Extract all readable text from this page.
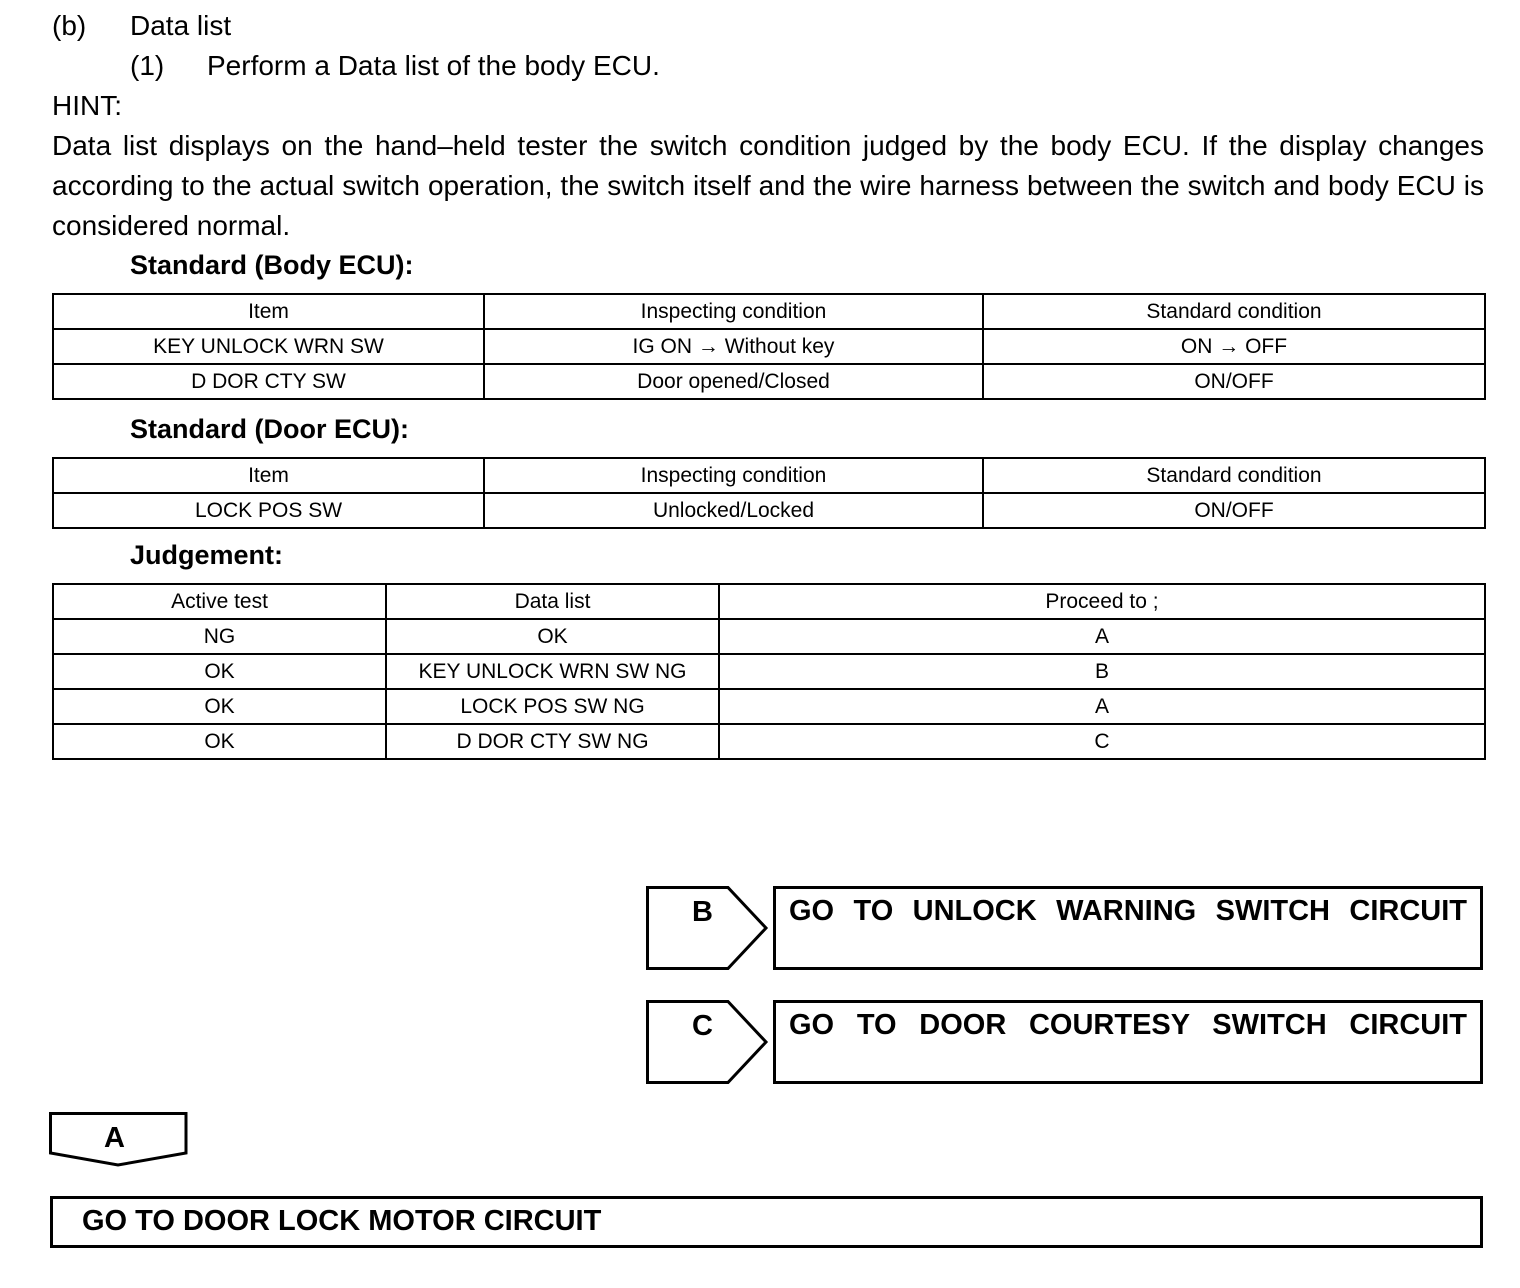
(b) Data list
(1) Perform a Data list of the body ECU.
HINT:
Data list displays on the hand–held tester the switch condition judged by the body ECU. If the display changes according to the actual switch operation, the switch itself and the wire harness between the switch and body ECU is considered normal.
Standard (Body ECU):
Item	Inspecting condition	Standard condition
KEY UNLOCK WRN SW	IG ON → Without key	ON → OFF
D DOR CTY SW	Door opened/Closed	ON/OFF
Standard (Door ECU):
Item	Inspecting condition	Standard condition
LOCK POS SW	Unlocked/Locked	ON/OFF
Judgement:
Active test	Data list	Proceed to ;
NG	OK	A
OK	KEY UNLOCK WRN SW NG	B
OK	LOCK POS SW NG	A
OK	D DOR CTY SW NG	C
B	GO TO UNLOCK WARNING SWITCH CIRCUIT
C	GO TO DOOR COURTESY SWITCH CIRCUIT
A
GO TO DOOR LOCK MOTOR CIRCUIT
